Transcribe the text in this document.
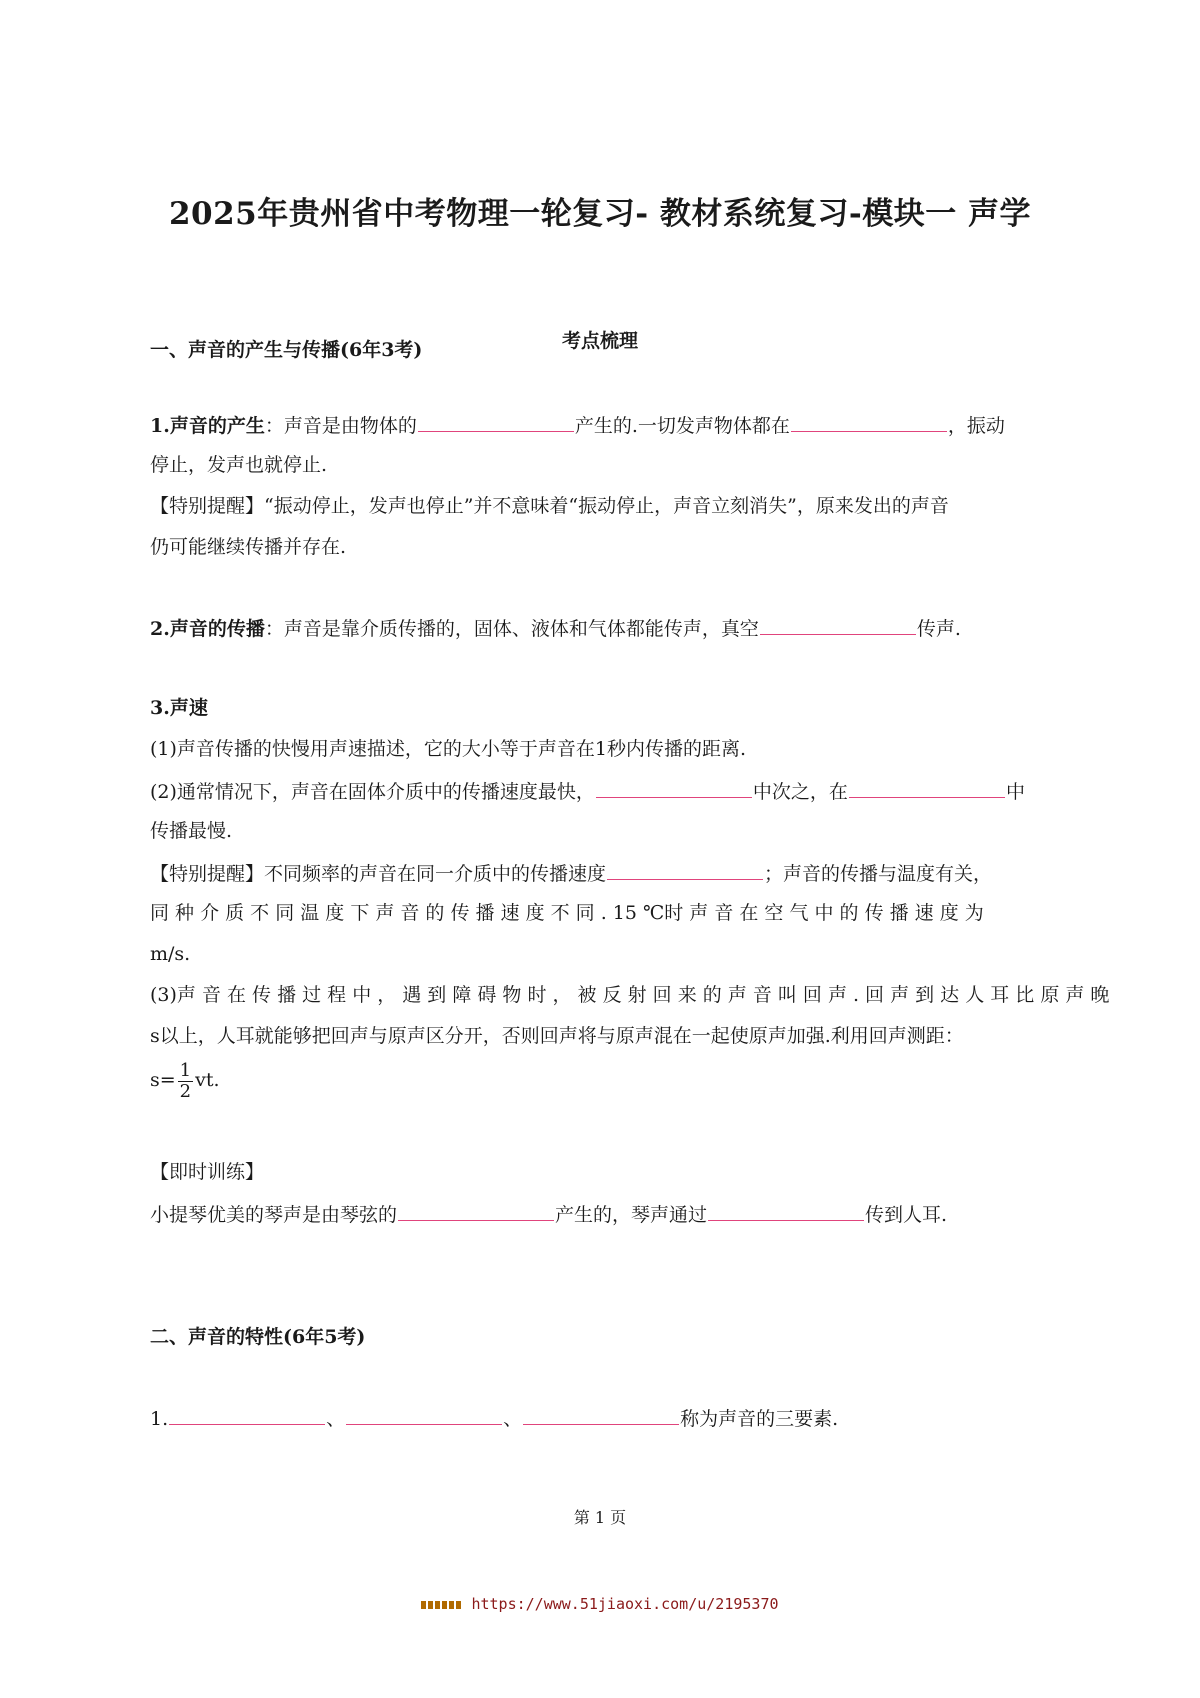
2025年贵州省中考物理一轮复习- 教材系统复习-模块一 声学
考点梳理
一、声音的产生与传播(6年3考)
1.声音的产生：声音是由物体的	产生的.一切发声物体都在	，振动
停止，发声也就停止.
【特别提醒】“振动停止，发声也停止”并不意味着“振动停止，声音立刻消失”，原来发出的声音
仍可能继续传播并存在.
2.声音的传播：声音是靠介质传播的，固体、液体和气体都能传声，真空	传声.
3.声速
(1)声音传播的快慢用声速描述，它的大小等于声音在1秒内传播的距离.
(2)通常情况下，声音在固体介质中的传播速度最快，	中次之，在	中
传播最慢.
【特别提醒】不同频率的声音在同一介质中的传播速度	；声音的传播与温度有关，
同 种 介 质 不 同 温 度 下 声 音 的 传 播 速 度 不 同 . 15 ℃时 声 音 在 空 气 中 的 传 播 速 度 为
m/s.
(3)声 音 在 传 播 过 程 中 ， 遇 到 障 碍 物 时 ， 被 反 射 回 来 的 声 音 叫 回 声 . 回 声 到 达 人 耳 比 原 声 晚
s以上，人耳就能够把回声与原声区分开，否则回声将与原声混在一起使原声加强.利用回声测距：
$s= \frac{1}{2}$ vt.
【即时训练】
小提琴优美的琴声是由琴弦的	产生的，琴声通过	传到人耳.
二、声音的特性(6年5考)
1.	、	、	称为声音的三要素.
第 1 页
https://www.51jiaoxi.com/u/2195370
